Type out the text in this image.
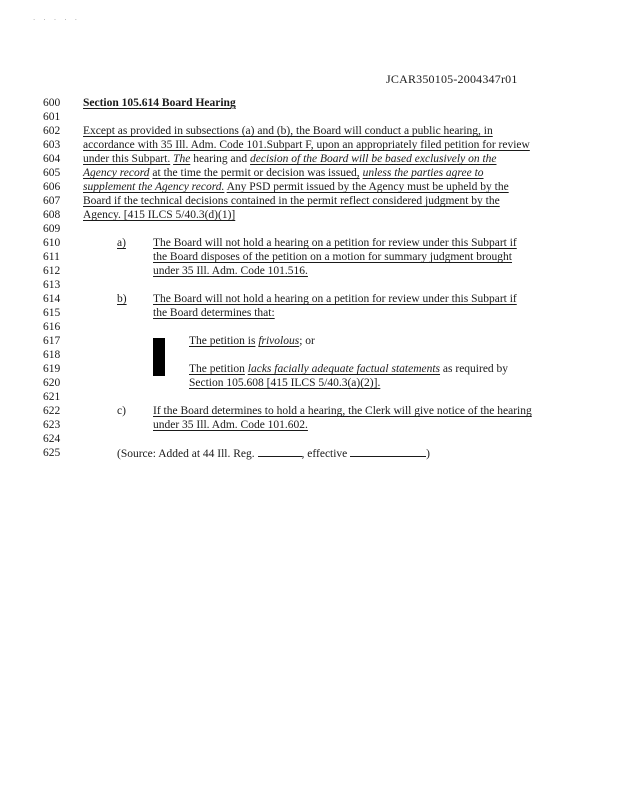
· · · · ·
JCAR350105-2004347r01
600
601
602
603
604
605
606
607
608
609
610
611
612
613
614
615
616
617
618
619
620
621
622
623
624
625
Section 105.614 Board Hearing
Except as provided in subsections (a) and (b), the Board will conduct a public hearing, in
accordance with 35 Ill. Adm. Code 101.Subpart F, upon an appropriately filed petition for review
under this Subpart. The hearing and decision of the Board will be based exclusively on the
Agency record at the time the permit or decision was issued, unless the parties agree to
supplement the Agency record. Any PSD permit issued by the Agency must be upheld by the
Board if the technical decisions contained in the permit reflect considered judgment by the
Agency. [415 ILCS 5/40.3(d)(1)]
a) The Board will not hold a hearing on a petition for review under this Subpart if
the Board disposes of the petition on a motion for summary judgment brought
under 35 Ill. Adm. Code 101.516.
b) The Board will not hold a hearing on a petition for review under this Subpart if
the Board determines that:
The petition is frivolous; or
The petition lacks facially adequate factual statements as required by
Section 105.608 [415 ILCS 5/40.3(a)(2)].
c) If the Board determines to hold a hearing, the Clerk will give notice of the hearing
under 35 Ill. Adm. Code 101.602.
(Source: Added at 44 Ill. Reg.	, effective	)
